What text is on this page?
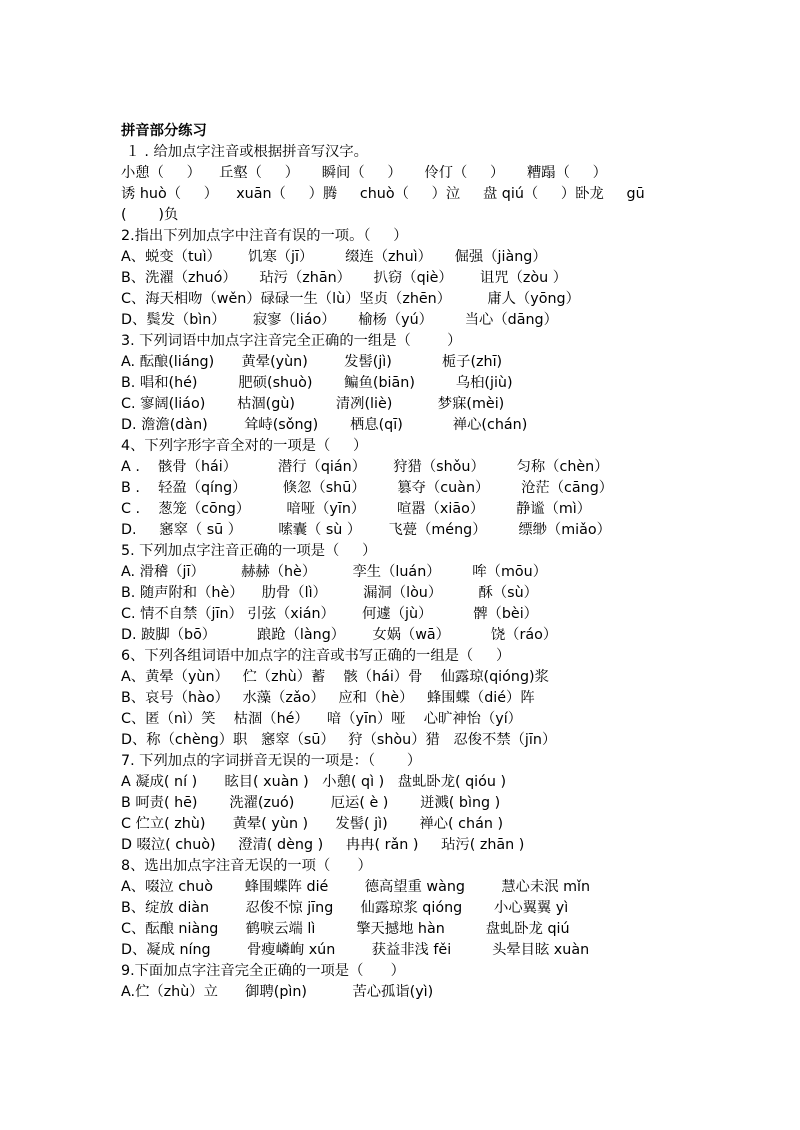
拼音部分练习
１ . 给加点字注音或根据拼音写汉字。
小憩（     ）    丘壑（     ）     瞬间（     ）     伶仃（     ）     糟蹋（     ）
诱 huò（     ）    xuān（     ）腾     chuò（     ）泣     盘 qiú（     ）卧龙     gū
(       )负
2.指出下列加点字中注音有误的一项。（     ）
A、蜕变（tuì）      饥寒（jī）       缀连（zhuì）     倔强（jiàng）
B、洗濯（zhuó）     玷污（zhān）     扒窃（qiè）      诅咒（zòu ）
C、海天相吻（wěn）碌碌一生（lù）坚贞（zhēn）        庸人（yōng）
D、鬓发（bìn）      寂寥（liáo）     榆杨（yú）       当心（dāng）
3. 下列词语中加点字注音完全正确的一组是（        ）
A. 酝酿(liáng)      黄晕(yùn)        发髻(jì)           栀子(zhī)
B. 唱和(hé)         肥硕(shuò)       鳊鱼(biān)         乌桕(jiù)
C. 寥阔(liáo)       枯涸(gù)         清冽(liè)          梦寐(mèi)
D. 澹澹(dàn)        耸峙(sǒng)       栖息(qī)           禅心(chán)
4、下列字形字音全对的一项是（     ）
A .    骸骨（hái）         潜行（qián）      狩猎（shǒu）       匀称（chèn）
B .    轻盈（qíng）        倏忽（shū）       篡夺（cuàn）       沧茫（cāng）
C .    葱笼（cōng）        喑哑（yīn）       喧嚣（xiāo）       静谧（mì）
D.     窸窣（ sū ）        嗦囊（ sù ）      飞甍（méng）       缥缈（miǎo）
5. 下列加点字注音正确的一项是（     ）
A. 滑稽（jī）        赫赫（hè）        孪生（luán）       哞（mōu）
B. 随声附和（hè）    肋骨（lì）        漏洞（lòu）        酥（sù）
C. 情不自禁（jīn） 引弦（xián）      何遽（jù）         髀（bèi）
D. 跛脚（bō）         踉跄（làng）      女娲（wā）         饶（ráo）
6、下列各组词语中加点字的注音或书写正确的一组是（     ）
A、黄晕（yùn）   伫（zhù）蓄    骸（hái）骨    仙露琼(qióng)浆
B、哀号（hào）   水藻（zǎo）   应和（hè）   蜂围蝶（dié）阵
C、匿（nì）笑    枯涸（hé）    喑（yīn）哑    心旷神怡（yí）
D、称（chèng）职   窸窣（sū）   狩（shòu）猎   忍俊不禁（jīn）
7. 下列加点的字词拼音无误的一项是：（       ）
A 凝成( ní )      眩目( xuàn )   小憩( qì )   盘虬卧龙( qióu )
B 呵责( hē)       洗濯(zuó)        厄运( è )       迸溅( bìng )
C 伫立( zhù)      黄晕( yùn )      发髻( jì)       禅心( chán )
D 啜泣( chuò)     澄清( dèng )     冉冉( rǎn )     玷污( zhān )
8、选出加点字注音无误的一项（      ）
A、啜泣 chuò       蜂围蝶阵 dié        德高望重 wàng        慧心未泯 mǐn
B、绽放 diàn        忍俊不惊 jīng      仙露琼浆 qióng       小心翼翼 yì
C、酝酿 niàng      鹤唳云端 lì         擎天撼地 hàn         盘虬卧龙 qiú
D、凝成 níng        骨瘦嶙峋 xún        获益非浅 fěi         头晕目眩 xuàn
9.下面加点字注音完全正确的一项是（      ）
A.伫（zhù）立      御聘(pìn)          苦心孤诣(yì)
